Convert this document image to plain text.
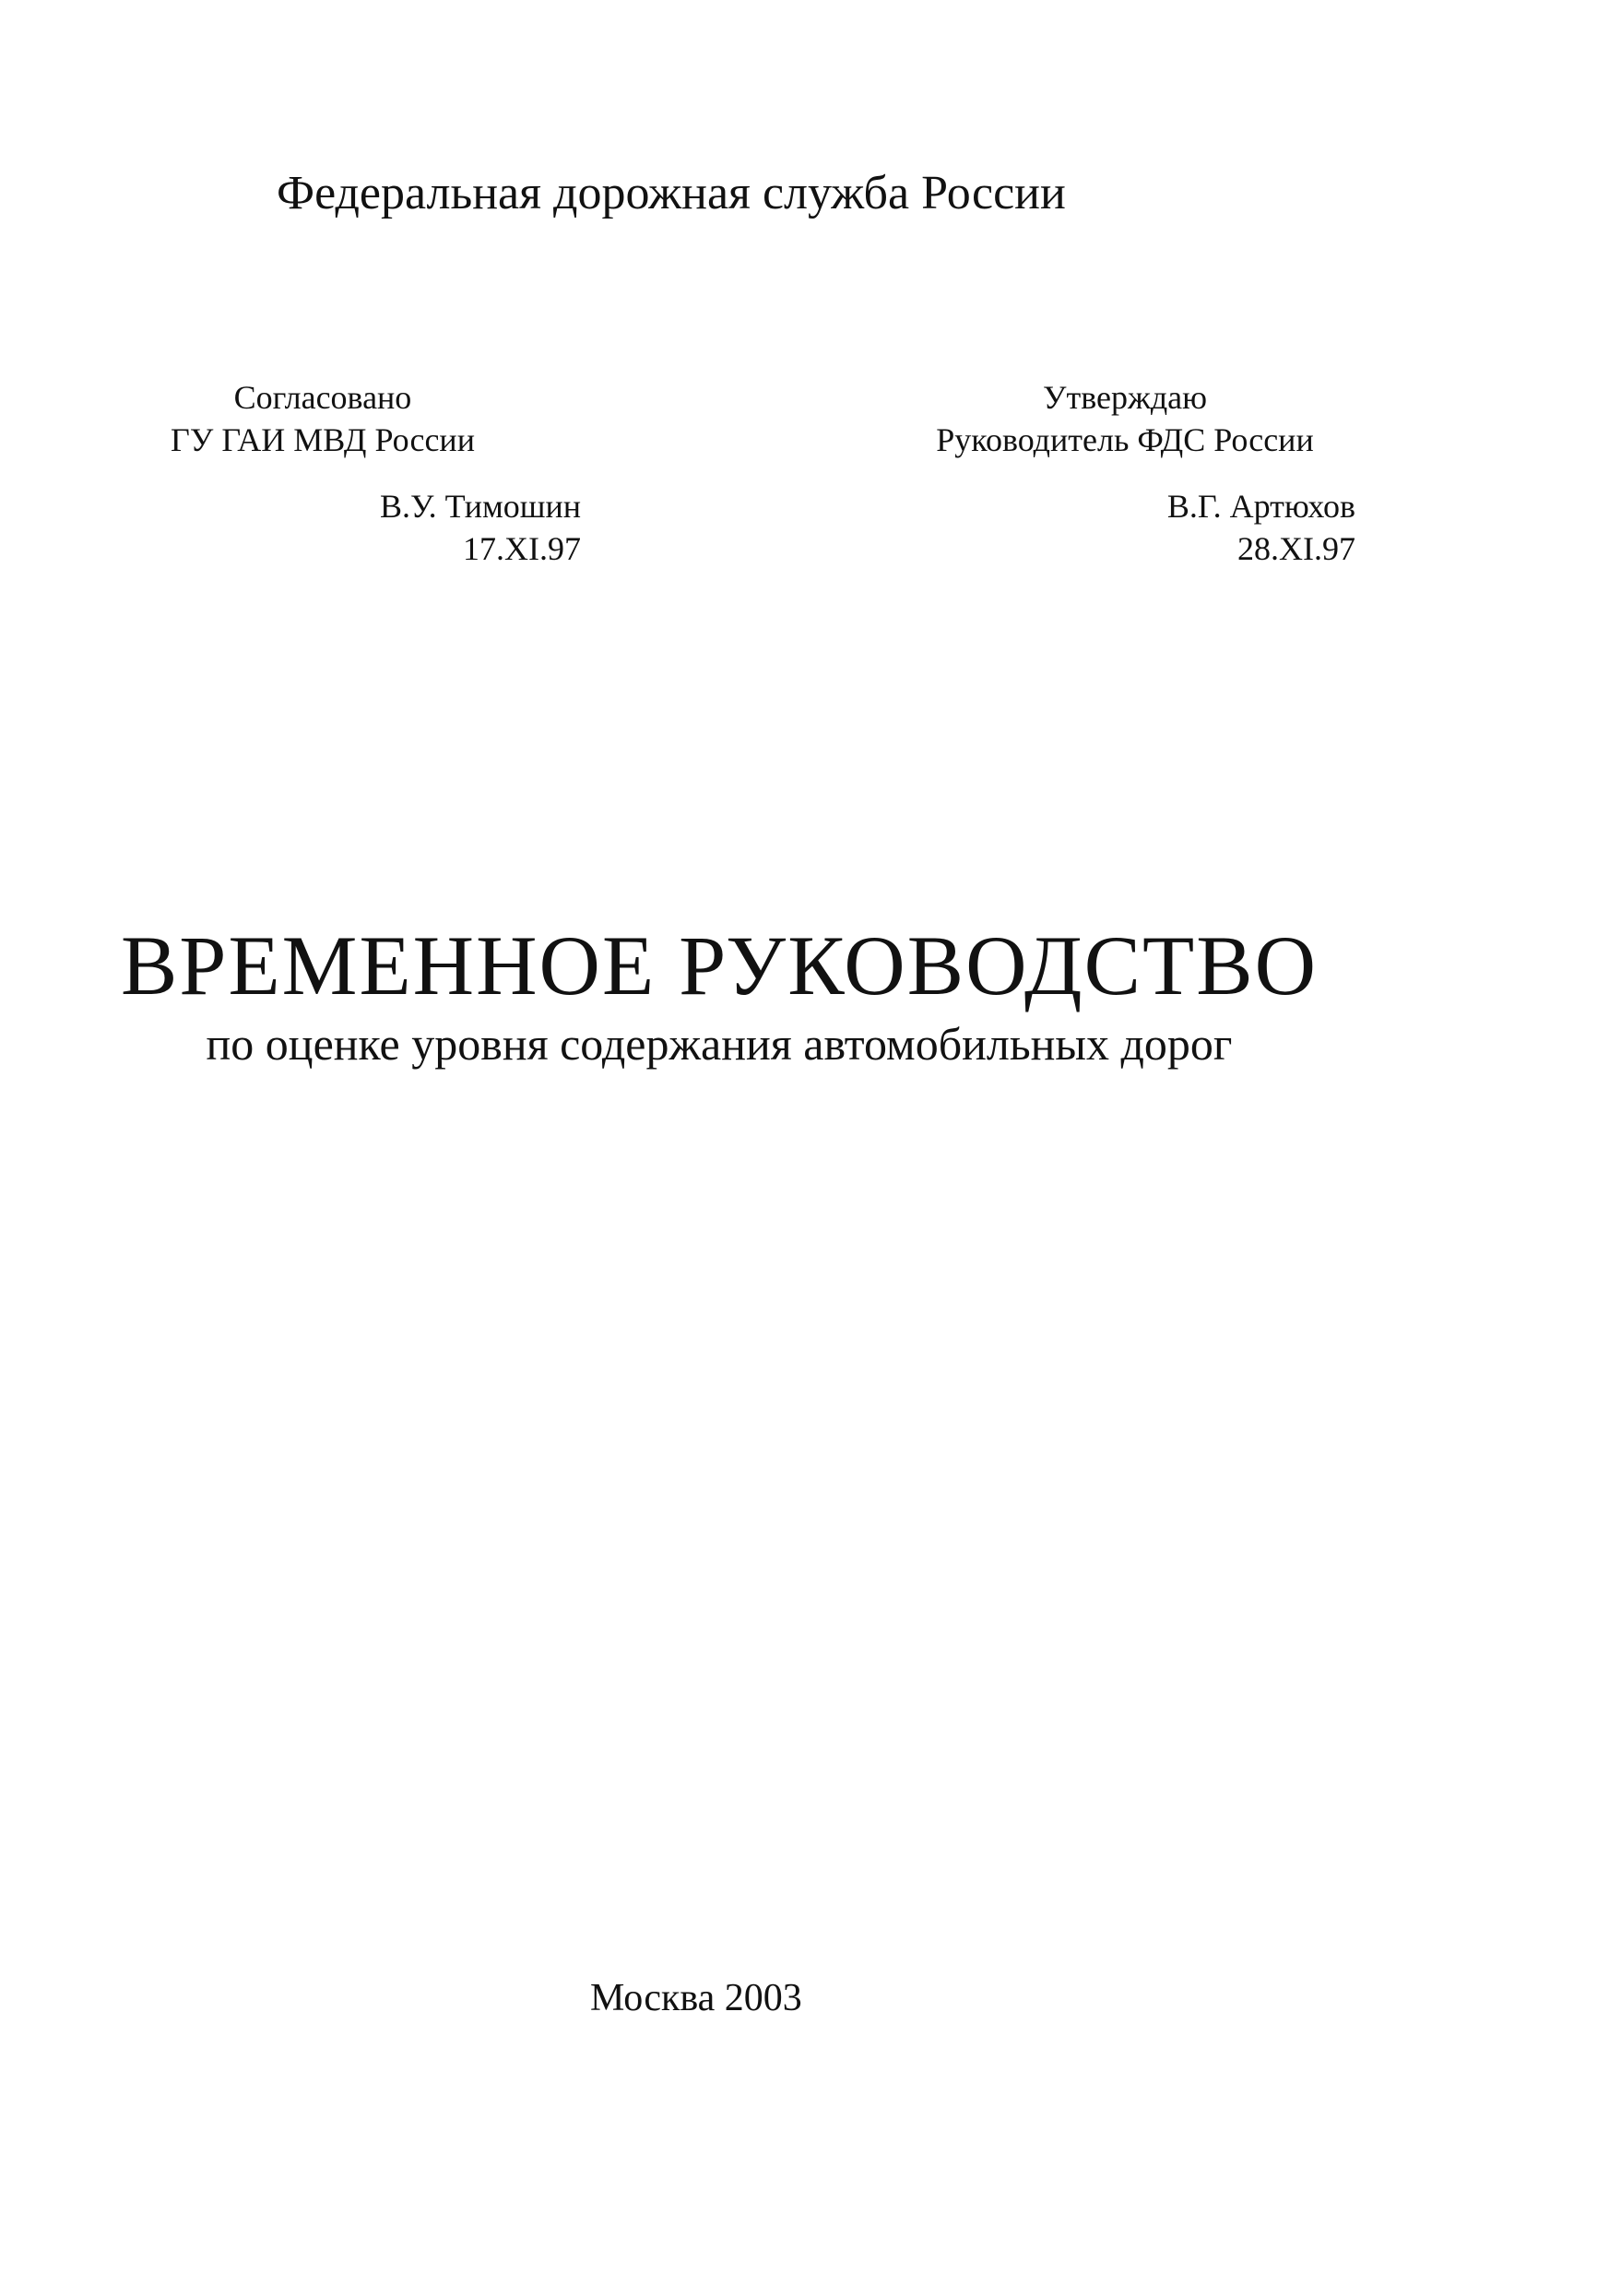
Федеральная дорожная служба России
Согласовано
ГУ ГАИ МВД России
Утверждаю
Руководитель ФДС России
В.У. Тимошин
17.XI.97
В.Г. Артюхов
28.XI.97
ВРЕМЕННОЕ РУКОВОДСТВО
по оценке уровня содержания автомобильных дорог
Москва 2003
